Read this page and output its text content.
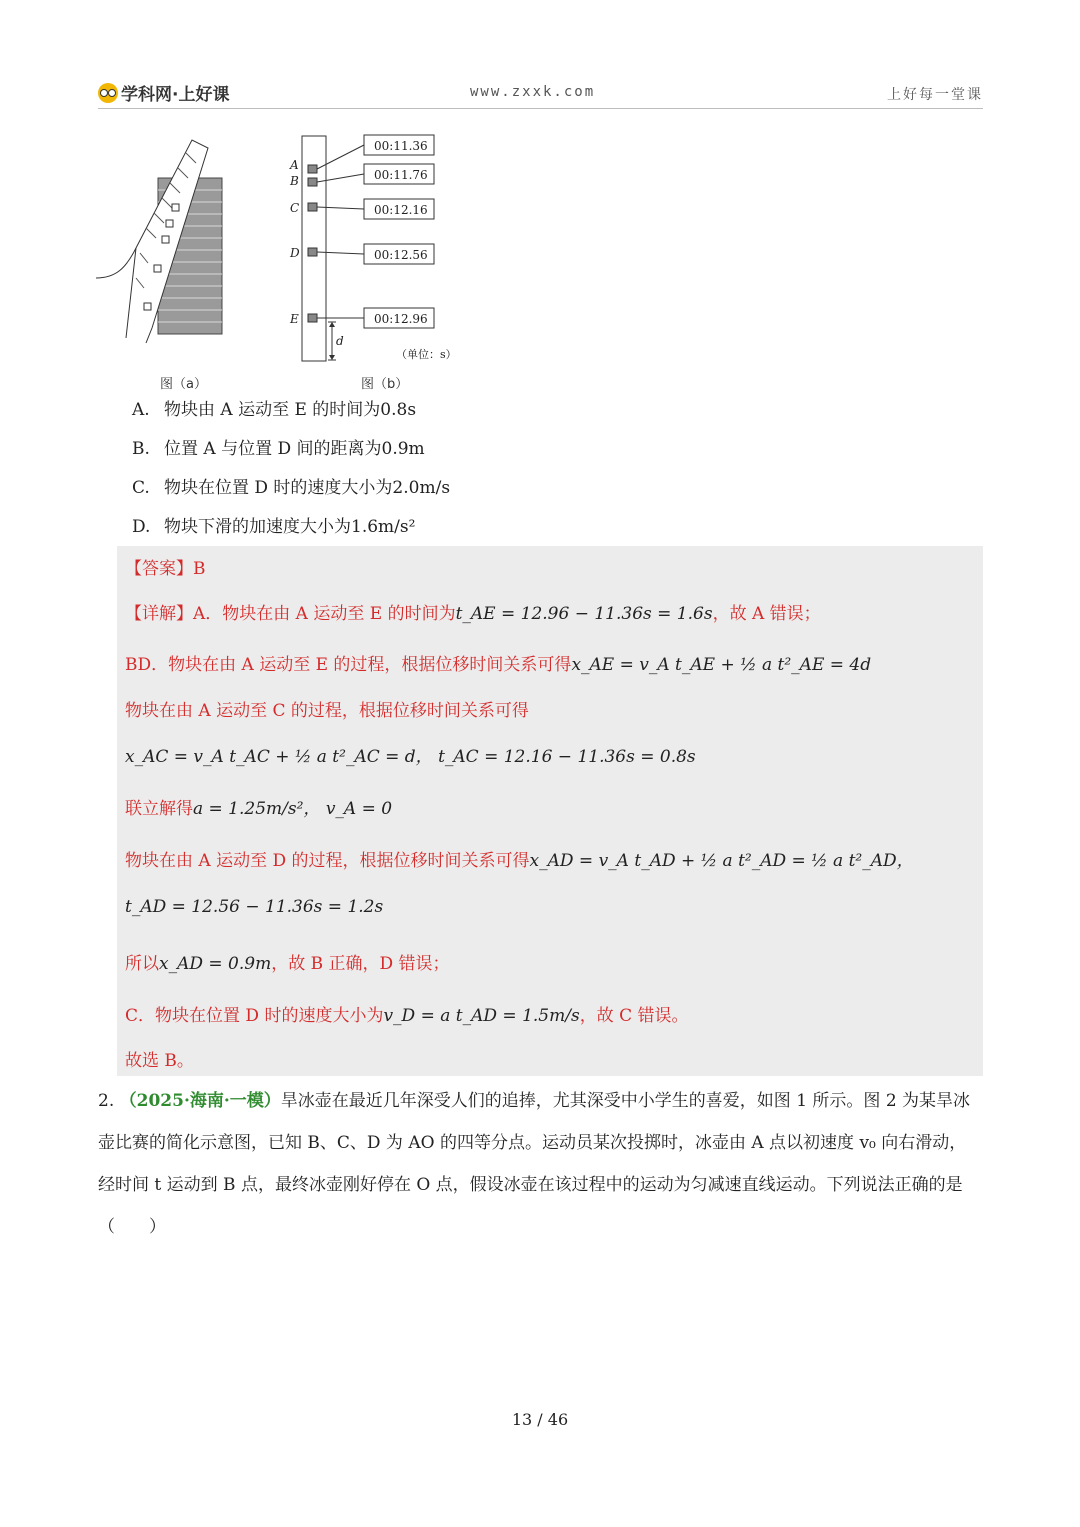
学科网·上好课	www.zxxk.com	上好每一堂课
A
B
C
D
E
d
00:11.36
00:11.76
00:12.16
00:12.56
00:12.96
（单位：s）
图（a）	图（b）
A. 物块由 A 运动至 E 的时间为0.8s
B. 位置 A 与位置 D 间的距离为0.9m
C. 物块在位置 D 时的速度大小为2.0m/s
D. 物块下滑的加速度大小为1.6m/s²
【答案】B
【详解】A．物块在由 A 运动至 E 的时间为t_AE = 12.96 − 11.36s = 1.6s，故 A 错误；
BD．物块在由 A 运动至 E 的过程，根据位移时间关系可得x_AE = v_A t_AE + ½ a t²_AE = 4d
物块在由 A 运动至 C 的过程，根据位移时间关系可得
x_AC = v_A t_AC + ½ a t²_AC = d， t_AC = 12.16 − 11.36s = 0.8s
联立解得a = 1.25m/s²， v_A = 0
物块在由 A 运动至 D 的过程，根据位移时间关系可得x_AD = v_A t_AD + ½ a t²_AD = ½ a t²_AD，
t_AD = 12.56 − 11.36s = 1.2s
所以x_AD = 0.9m，故 B 正确，D 错误；
C．物块在位置 D 时的速度大小为v_D = a t_AD = 1.5m/s，故 C 错误。
故选 B。
2. （2025·海南·一模）旱冰壶在最近几年深受人们的追捧，尤其深受中小学生的喜爱，如图 1 所示。图 2 为某旱冰壶比赛的简化示意图，已知 B、C、D 为 AO 的四等分点。运动员某次投掷时，冰壶由 A 点以初速度 v₀ 向右滑动，经时间 t 运动到 B 点，最终冰壶刚好停在 O 点，假设冰壶在该过程中的运动为匀减速直线运动。下列说法正确的是（　　）
13 / 46
